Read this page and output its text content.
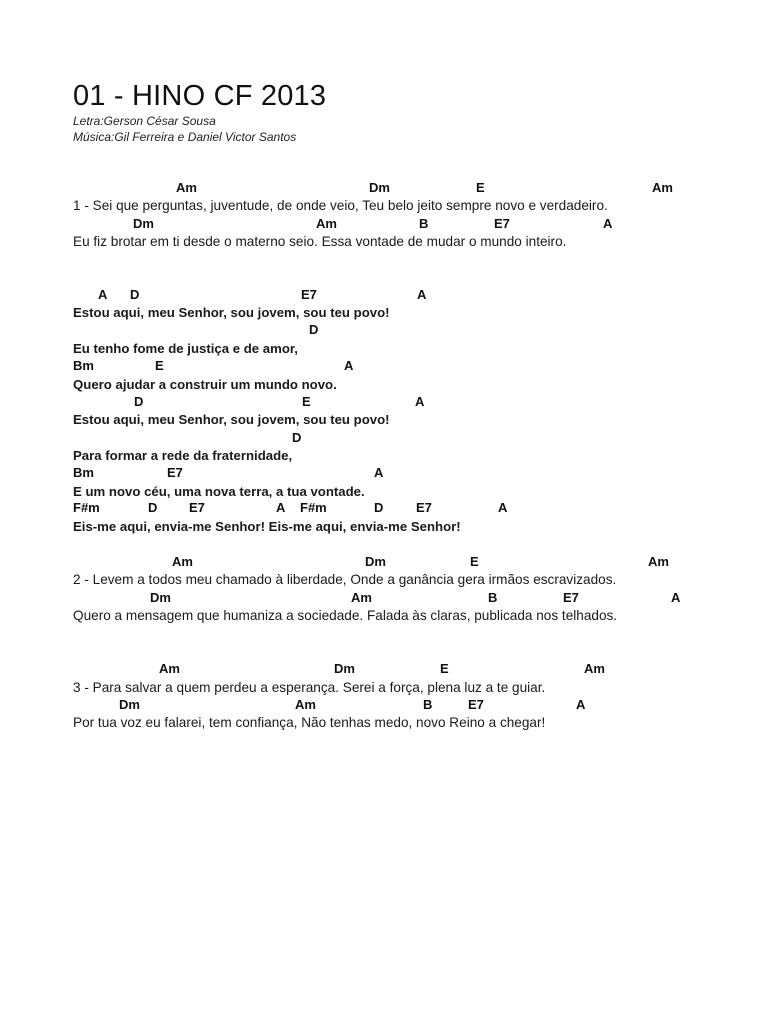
01 - HINO CF 2013
Letra:Gerson César Sousa
Música:Gil Ferreira e Daniel Victor Santos
Am	Dm	E	Am
1 - Sei que perguntas, juventude, de onde veio, Teu belo jeito sempre novo e verdadeiro.
Dm	Am	B	E7	A
Eu fiz brotar em ti desde o materno seio. Essa vontade de mudar o mundo inteiro.
A D	E7	A
Estou aqui, meu Senhor, sou jovem, sou teu povo!
D
Eu tenho fome de justiça e de amor,
Bm	E	A
Quero ajudar a construir um mundo novo.
D	E	A
Estou aqui, meu Senhor, sou jovem, sou teu povo!
D
Para formar a rede da fraternidade,
Bm	E7	A
E um novo céu, uma nova terra, a tua vontade.
F#m	D E7	A F#m	D	E7	A
Eis-me aqui, envia-me Senhor! Eis-me aqui, envia-me Senhor!
Am	Dm	E	Am
2 - Levem a todos meu chamado à liberdade, Onde a ganância gera irmãos escravizados.
Dm	Am	B	E7	A
Quero a mensagem que humaniza a sociedade. Falada às claras, publicada nos telhados.
Am	Dm	E	Am
3 - Para salvar a quem perdeu a esperança. Serei a força, plena luz a te guiar.
Dm	Am	B	E7	A
Por tua voz eu falarei, tem confiança, Não tenhas medo, novo Reino a chegar!
